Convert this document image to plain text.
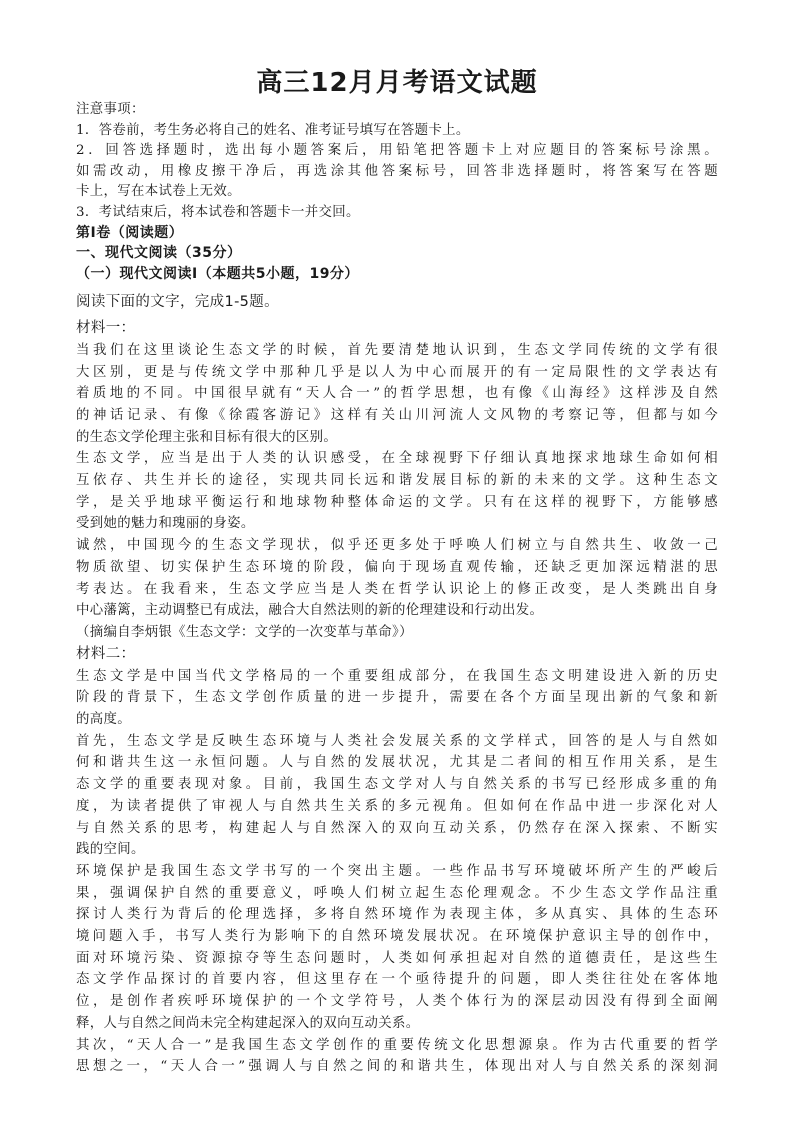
高三12月月考语文试题
注意事项：
1．答卷前，考生务必将自己的姓名、准考证号填写在答题卡上。
2．回答选择题时，选出每小题答案后，用铅笔把答题卡上对应题目的答案标号涂黑。
如需改动，用橡皮擦干净后，再选涂其他答案标号，回答非选择题时，将答案写在答题
卡上，写在本试卷上无效。
3．考试结束后，将本试卷和答题卡一并交回。
第Ⅰ卷（阅读题）
一、现代文阅读（35分）
（一）现代文阅读Ⅰ（本题共5小题，19分）
阅读下面的文字，完成1-5题。
材料一：
当我们在这里谈论生态文学的时候，首先要清楚地认识到，生态文学同传统的文学有很
大区别，更是与传统文学中那种几乎是以人为中心而展开的有一定局限性的文学表达有
着质地的不同。中国很早就有“天人合一”的哲学思想，也有像《山海经》这样涉及自然
的神话记录、有像《徐霞客游记》这样有关山川河流人文风物的考察记等，但都与如今
的生态文学伦理主张和目标有很大的区别。
生态文学，应当是出于人类的认识感受，在全球视野下仔细认真地探求地球生命如何相
互依存、共生并长的途径，实现共同长远和谐发展目标的新的未来的文学。这种生态文
学，是关乎地球平衡运行和地球物种整体命运的文学。只有在这样的视野下，方能够感
受到她的魅力和瑰丽的身姿。
诚然，中国现今的生态文学现状，似乎还更多处于呼唤人们树立与自然共生、收敛一己
物质欲望、切实保护生态环境的阶段，偏向于现场直观传输，还缺乏更加深远精湛的思
考表达。在我看来，生态文学应当是人类在哲学认识论上的修正改变，是人类跳出自身
中心藩篱，主动调整已有成法，融合大自然法则的新的伦理建设和行动出发。
（摘编自李炳银《生态文学：文学的一次变革与革命》）
材料二：
生态文学是中国当代文学格局的一个重要组成部分，在我国生态文明建设进入新的历史
阶段的背景下，生态文学创作质量的进一步提升，需要在各个方面呈现出新的气象和新
的高度。
首先，生态文学是反映生态环境与人类社会发展关系的文学样式，回答的是人与自然如
何和谐共生这一永恒问题。人与自然的发展状况，尤其是二者间的相互作用关系，是生
态文学的重要表现对象。目前，我国生态文学对人与自然关系的书写已经形成多重的角
度，为读者提供了审视人与自然共生关系的多元视角。但如何在作品中进一步深化对人
与自然关系的思考，构建起人与自然深入的双向互动关系，仍然存在深入探索、不断实
践的空间。
环境保护是我国生态文学书写的一个突出主题。一些作品书写环境破坏所产生的严峻后
果，强调保护自然的重要意义，呼唤人们树立起生态伦理观念。不少生态文学作品注重
探讨人类行为背后的伦理选择，多将自然环境作为表现主体，多从真实、具体的生态环
境问题入手，书写人类行为影响下的自然环境发展状况。在环境保护意识主导的创作中，
面对环境污染、资源掠夺等生态问题时，人类如何承担起对自然的道德责任，是这些生
态文学作品探讨的首要内容，但这里存在一个亟待提升的问题，即人类往往处在客体地
位，是创作者疾呼环境保护的一个文学符号，人类个体行为的深层动因没有得到全面阐
释，人与自然之间尚未完全构建起深入的双向互动关系。
其次，“天人合一”是我国生态文学创作的重要传统文化思想源泉。作为古代重要的哲学
思想之一，“天人合一”强调人与自然之间的和谐共生，体现出对人与自然关系的深刻洞
